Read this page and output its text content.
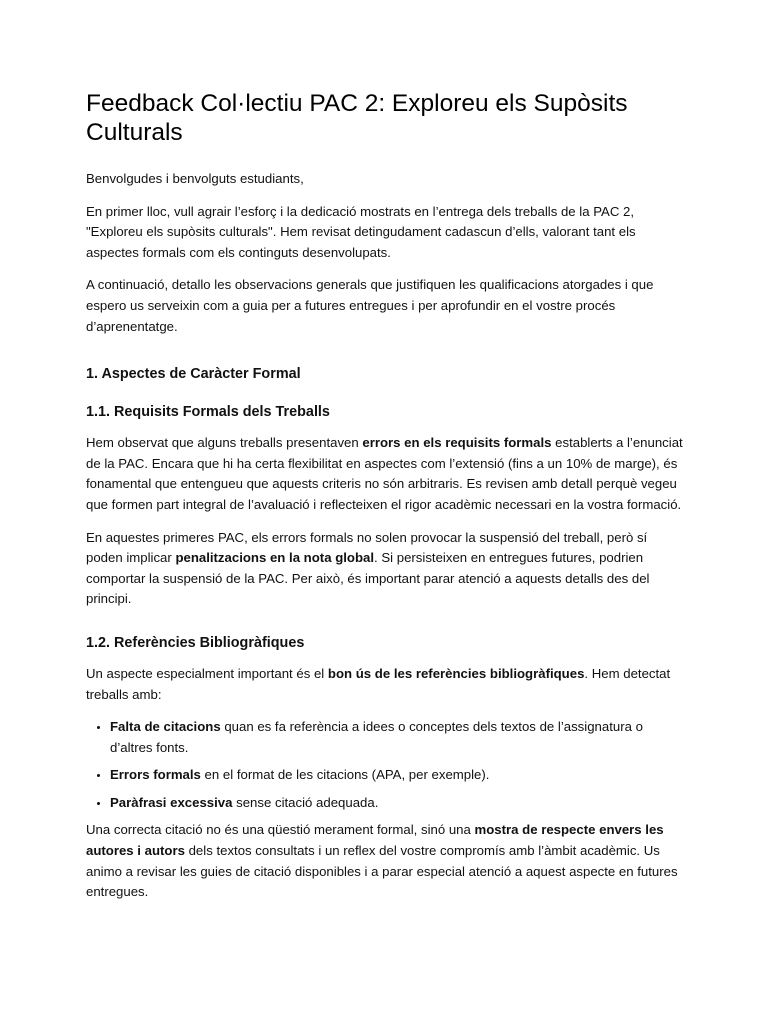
Feedback Col·lectiu PAC 2: Exploreu els Supòsits Culturals

Benvolgudes i benvolguts estudiants,

En primer lloc, vull agrair l’esforç i la dedicació mostrats en l’entrega dels treballs de la PAC 2, "Exploreu els supòsits culturals". Hem revisat detingudament cadascun d’ells, valorant tant els aspectes formals com els continguts desenvolupats.

A continuació, detallo les observacions generals que justifiquen les qualificacions atorgades i que espero us serveixin com a guia per a futures entregues i per aprofundir en el vostre procés d’aprenentatge.

1. Aspectes de Caràcter Formal
1.1. Requisits Formals dels Treballs

Hem observat que alguns treballs presentaven errors en els requisits formals establerts a l’enunciat de la PAC. Encara que hi ha certa flexibilitat en aspectes com l’extensió (fins a un 10% de marge), és fonamental que entengueu que aquests criteris no són arbitraris. Es revisen amb detall perquè vegeu que formen part integral de l’avaluació i reflecteixen el rigor acadèmic necessari en la vostra formació.

En aquestes primeres PAC, els errors formals no solen provocar la suspensió del treball, però sí poden implicar penalitzacions en la nota global. Si persisteixen en entregues futures, podrien comportar la suspensió de la PAC. Per això, és important parar atenció a aquests detalls des del principi.

1.2. Referències Bibliogràfiques

Un aspecte especialment important és el bon ús de les referències bibliogràfiques. Hem detectat treballs amb:

• Falta de citacions quan es fa referència a idees o conceptes dels textos de l’assignatura o d’altres fonts.
• Errors formals en el format de les citacions (APA, per exemple).
• Paràfrasi excessiva sense citació adequada.

Una correcta citació no és una qüestió merament formal, sinó una mostra de respecte envers les autores i autors dels textos consultats i un reflex del vostre compromís amb l’àmbit acadèmic. Us animo a revisar les guies de citació disponibles i a parar especial atenció a aquest aspecte en futures entregues.
